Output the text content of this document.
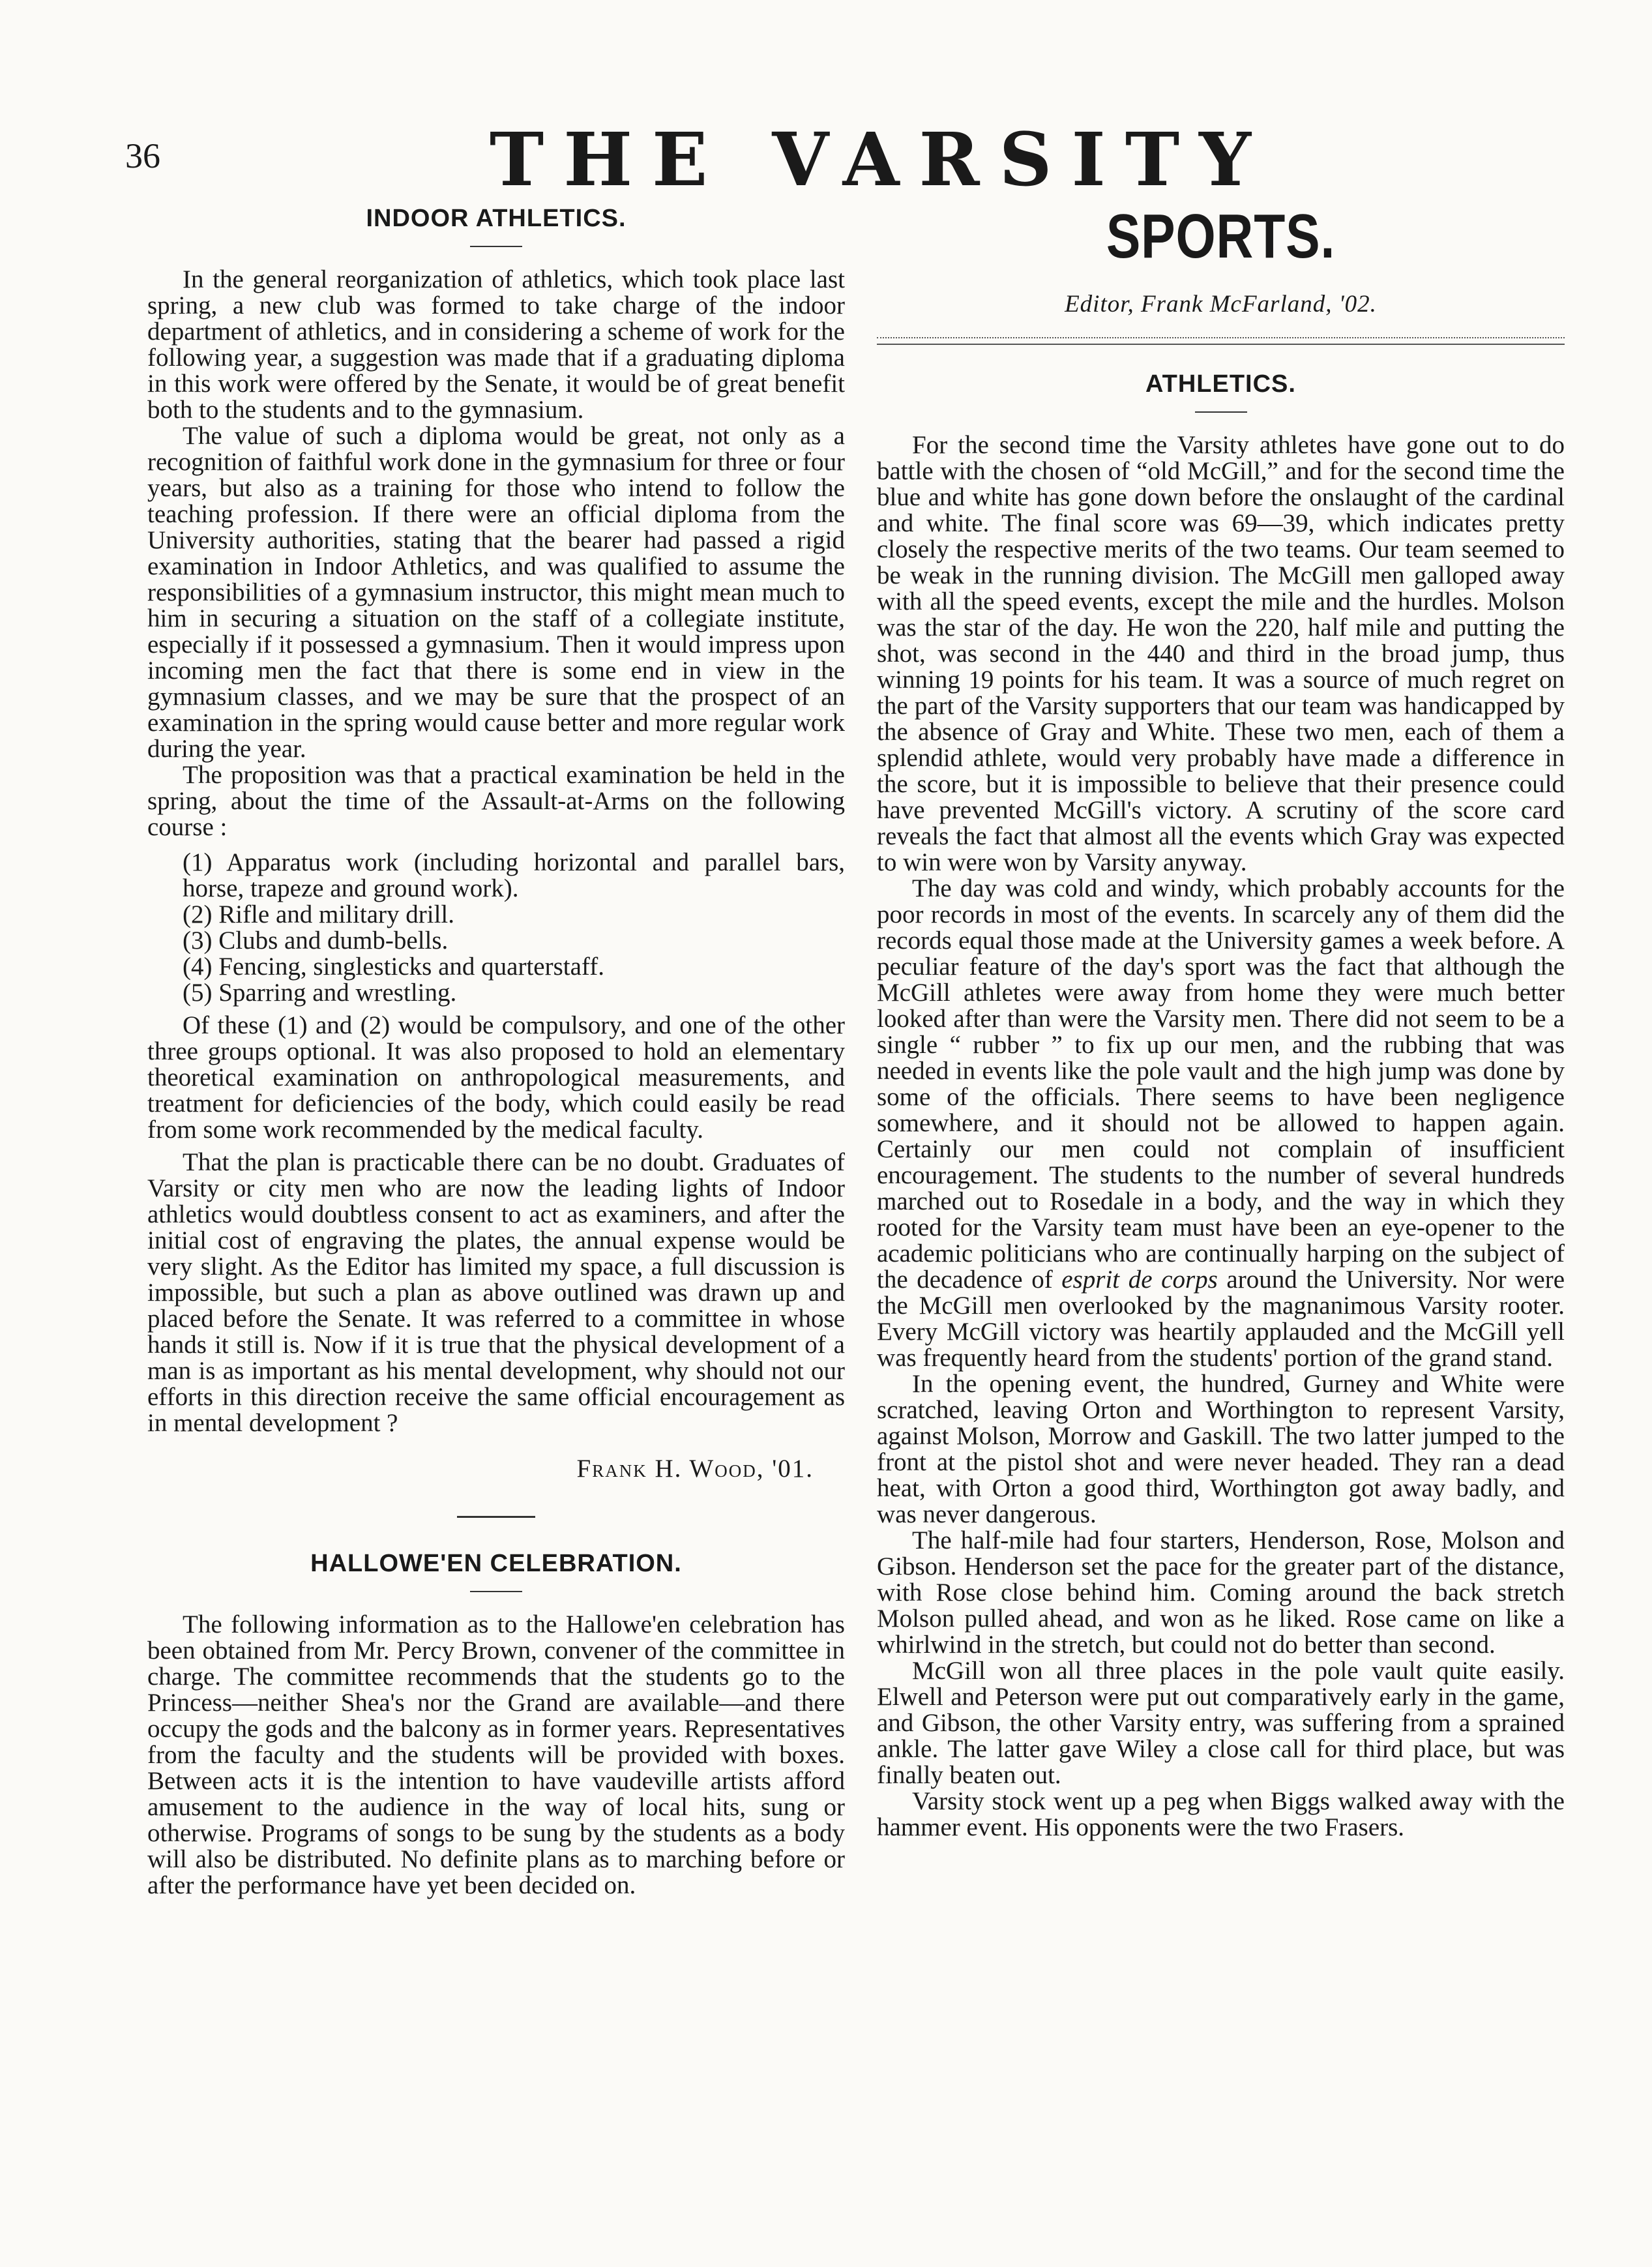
36	THE VARSITY
INDOOR ATHLETICS.

In the general reorganization of athletics, which took place last spring, a new club was formed to take charge of the indoor department of athletics, and in considering a scheme of work for the following year, a suggestion was made that if a graduating diploma in this work were offered by the Senate, it would be of great benefit both to the students and to the gymnasium.

The value of such a diploma would be great, not only as a recognition of faithful work done in the gymnasium for three or four years, but also as a training for those who intend to follow the teaching profession. If there were an official diploma from the University authorities, stating that the bearer had passed a rigid examination in Indoor Athletics, and was qualified to assume the responsibilities of a gymnasium instructor, this might mean much to him in securing a situation on the staff of a collegiate institute, especially if it possessed a gymnasium. Then it would impress upon incoming men the fact that there is some end in view in the gymnasium classes, and we may be sure that the prospect of an examination in the spring would cause better and more regular work during the year.

The proposition was that a practical examination be held in the spring, about the time of the Assault-at-Arms on the following course :

(1) Apparatus work (including horizontal and parallel bars, horse, trapeze and ground work).

(2) Rifle and military drill.

(3) Clubs and dumb-bells.

(4) Fencing, singlesticks and quarterstaff.

(5) Sparring and wrestling.

Of these (1) and (2) would be compulsory, and one of the other three groups optional. It was also proposed to hold an elementary theoretical examination on anthropological measurements, and treatment for deficiencies of the body, which could easily be read from some work recommended by the medical faculty.

That the plan is practicable there can be no doubt. Graduates of Varsity or city men who are now the leading lights of Indoor athletics would doubtless consent to act as examiners, and after the initial cost of engraving the plates, the annual expense would be very slight. As the Editor has limited my space, a full discussion is impossible, but such a plan as above outlined was drawn up and placed before the Senate. It was referred to a committee in whose hands it still is. Now if it is true that the physical development of a man is as important as his mental development, why should not our efforts in this direction receive the same official encouragement as in mental development ?

Frank H. Wood, '01.
HALLOWE'EN CELEBRATION.

The following information as to the Hallowe'en celebration has been obtained from Mr. Percy Brown, convener of the committee in charge. The committee recommends that the students go to the Princess—neither Shea's nor the Grand are available—and there occupy the gods and the balcony as in former years. Representatives from the faculty and the students will be provided with boxes. Between acts it is the intention to have vaudeville artists afford amusement to the audience in the way of local hits, sung or otherwise. Programs of songs to be sung by the students as a body will also be distributed. No definite plans as to marching before or after the performance have yet been decided on.

SPORTS.
Editor, Frank McFarland, '02.
ATHLETICS.

For the second time the Varsity athletes have gone out to do battle with the chosen of “old McGill,” and for the second time the blue and white has gone down before the onslaught of the cardinal and white. The final score was 69—39, which indicates pretty closely the respective merits of the two teams. Our team seemed to be weak in the running division. The McGill men galloped away with all the speed events, except the mile and the hurdles. Molson was the star of the day. He won the 220, half mile and putting the shot, was second in the 440 and third in the broad jump, thus winning 19 points for his team. It was a source of much regret on the part of the Varsity supporters that our team was handicapped by the absence of Gray and White. These two men, each of them a splendid athlete, would very probably have made a difference in the score, but it is impossible to believe that their presence could have prevented McGill's victory. A scrutiny of the score card reveals the fact that almost all the events which Gray was expected to win were won by Varsity anyway.

The day was cold and windy, which probably accounts for the poor records in most of the events. In scarcely any of them did the records equal those made at the University games a week before. A peculiar feature of the day's sport was the fact that although the McGill athletes were away from home they were much better looked after than were the Varsity men. There did not seem to be a single “ rubber ” to fix up our men, and the rubbing that was needed in events like the pole vault and the high jump was done by some of the officials. There seems to have been negligence somewhere, and it should not be allowed to happen again. Certainly our men could not complain of insufficient encouragement. The students to the number of several hundreds marched out to Rosedale in a body, and the way in which they rooted for the Varsity team must have been an eye-opener to the academic politicians who are continually harping on the subject of the decadence of esprit de corps around the University. Nor were the McGill men overlooked by the magnanimous Varsity rooter. Every McGill victory was heartily applauded and the McGill yell was frequently heard from the students' portion of the grand stand.

In the opening event, the hundred, Gurney and White were scratched, leaving Orton and Worthington to represent Varsity, against Molson, Morrow and Gaskill. The two latter jumped to the front at the pistol shot and were never headed. They ran a dead heat, with Orton a good third, Worthington got away badly, and was never dangerous.

The half-mile had four starters, Henderson, Rose, Molson and Gibson. Henderson set the pace for the greater part of the distance, with Rose close behind him. Coming around the back stretch Molson pulled ahead, and won as he liked. Rose came on like a whirlwind in the stretch, but could not do better than second.

McGill won all three places in the pole vault quite easily. Elwell and Peterson were put out comparatively early in the game, and Gibson, the other Varsity entry, was suffering from a sprained ankle. The latter gave Wiley a close call for third place, but was finally beaten out.

Varsity stock went up a peg when Biggs walked away with the hammer event. His opponents were the two Frasers.
